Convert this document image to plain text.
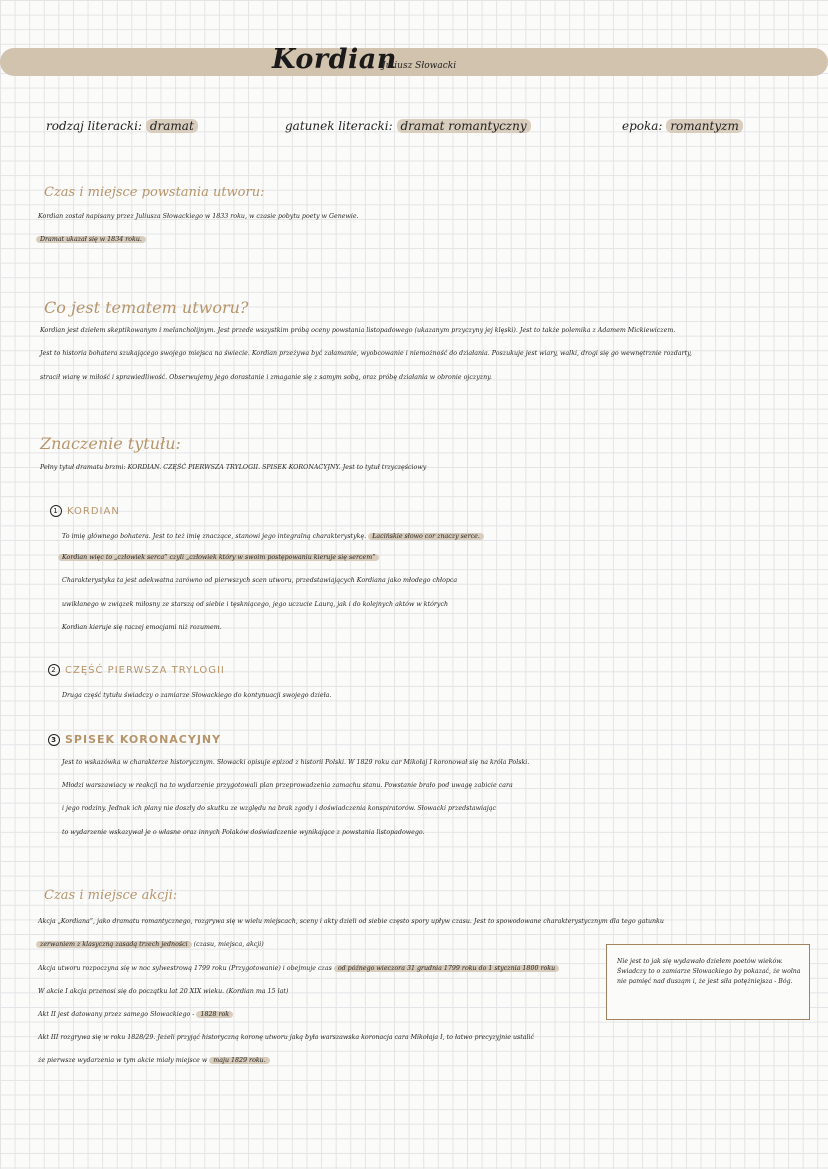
Kordian
Juliusz Słowacki
rodzaj literacki: dramat	gatunek literacki: dramat romantyczny	epoka: romantyzm
Czas i miejsce powstania utworu:
Kordian został napisany przez Juliusza Słowackiego w 1833 roku, w czasie pobytu poety w Genewie.
Dramat ukazał się w 1834 roku.
Co jest tematem utworu?
Kordian jest dziełem skeptikowanym i melancholijnym. Jest przede wszystkim próbą oceny powstania listopadowego (ukazanym przyczyny jej klęski). Jest to także polemika z Adamem Mickiewiczem.
Jest to historia bohatera szukającego swojego miejsca na świecie. Kordian przeżywa być załamanie, wyobcowanie i niemożność do działania. Poszukuje jest wiary, walki, drogi się go wewnętrznie rozdarty,
stracił wiarę w miłość i sprawiedliwość. Obserwujemy jego dorastanie i zmaganie się z samym sobą, oraz próbę działania w obronie ojczyzny.
Znaczenie tytułu:
Pełny tytuł dramatu brzmi: KORDIAN. CZĘŚĆ PIERWSZA TRYLOGII. SPISEK KORONACYJNY. Jest to tytuł trzyczęściowy
1 KORDIAN
To imię głównego bohatera. Jest to też imię znaczące, stanowi jego integralną charakterystykę. Łacińskie słowo cor znaczy serce.
Kordian więc to „człowiek serca” czyli „człowiek który w swoim postępowaniu kieruje się sercem”
Charakterystyka ta jest adekwatna zarówno od pierwszych scen utworu, przedstawiających Kordiana jako młodego chłopca
uwikłanego w związek miłosny ze starszą od siebie i tęskniącego, jego uczucie Laurą, jak i do kolejnych aktów w których
Kordian kieruje się raczej emocjami niż rozumem.
2 CZĘŚĆ PIERWSZA TRYLOGII
Druga część tytułu świadczy o zamiarze Słowackiego do kontynuacji swojego dzieła.
3 SPISEK KORONACYJNY
Jest to wskazówka w charakterze historycznym. Słowacki opisuje epizod z historii Polski. W 1829 roku car Mikołaj I koronował się na króla Polski.
Młodzi warszawiacy w reakcji na to wydarzenie przygotowali plan przeprowadzenia zamachu stanu. Powstanie brało pod uwagę zabicie cara
i jego rodziny. Jednak ich plany nie doszły do skutku ze względu na brak zgody i doświadczenia konspiratorów. Słowacki przedstawiając
to wydarzenie wskazywał je o własne oraz innych Polaków doświadczenie wynikające z powstania listopadowego.
Czas i miejsce akcji:
Akcja „Kordiana”, jako dramatu romantycznego, rozgrywa się w wielu miejscach, sceny i akty dzieli od siebie często spory upływ czasu. Jest to spowodowane charakterystycznym dla tego gatunku
zerwaniem z klasyczną zasadą trzech jedności (czasu, miejsca, akcji)
Akcja utworu rozpoczyna się w noc sylwestrową 1799 roku (Przygotowanie) i obejmuje czas od późnego wieczora 31 grudnia 1799 roku do 1 stycznia 1800 roku
W akcie I akcja przenosi się do początku lat 20 XIX wieku. (Kordian ma 15 lat)
Akt II jest datowany przez samego Słowackiego - 1828 rok
Akt III rozgrywa się w roku 1828/29. Jeżeli przyjąć historyczną koronę utworu jaką była warszawska koronacja cara Mikołaja I, to łatwo precyzyjnie ustalić
że pierwsze wydarzenia w tym akcie miały miejsce w maju 1829 roku.
Nie jest to jak się wydawało dziełem poetów wieków. Świadczy to o zamiarze Słowackiego by pokazać, że wolna nie pamięć nad dusząm i, że jest siła potężniejsza - Bóg.
